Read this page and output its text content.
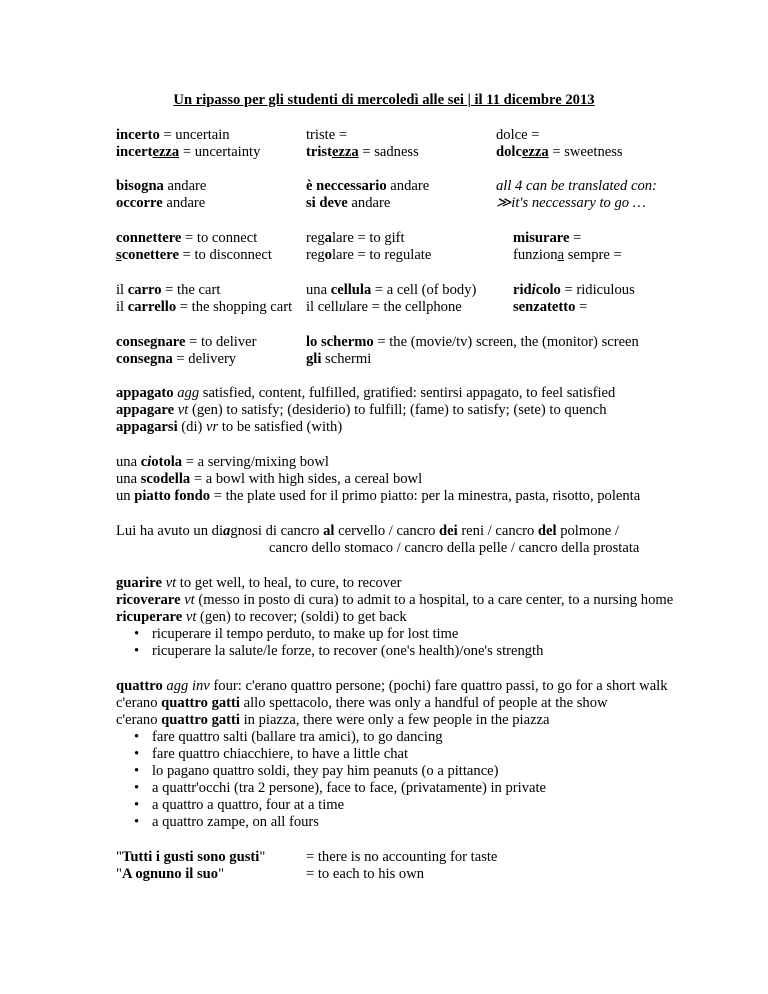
Un ripasso per gli studenti di mercoledì alle sei | il 11 dicembre 2013
incerto = uncertain
incertezza = uncertainty
triste =
tristezza = sadness
dolce =
dolcezza = sweetness
bisogna andare
occorre andare
è neccessario andare
si deve andare
all 4 can be translated con:
≫it's neccessary to go …
connettere = to connect
sconettere = to disconnect
regalare = to gift
regolare = to regulate
misurare =
funziona sempre =
il carro = the cart
il carrello = the shopping cart
una cellula = a cell (of body)
il cellulare = the cellphone
ridicolo = ridiculous
senzatetto =
consegnare = to deliver
consegna = delivery
lo schermo = the (movie/tv) screen, the (monitor) screen
gli schermi
appagato agg satisfied, content, fulfilled, gratified: sentirsi appagato, to feel satisfied
appagare vt (gen) to satisfy; (desiderio) to fulfill; (fame) to satisfy; (sete) to quench
appagarsi (di) vr to be satisfied (with)
una ciotola = a serving/mixing bowl
una scodella = a bowl with high sides, a cereal bowl
un piatto fondo = the plate used for il primo piatto: per la minestra, pasta, risotto, polenta
Lui ha avuto un diagnosi di cancro al cervello / cancro dei reni / cancro del polmone /
cancro dello stomaco / cancro della pelle / cancro della prostata
guarire vt to get well, to heal, to cure, to recover
ricoverare vt (messo in posto di cura) to admit to a hospital, to a care center, to a nursing home
ricuperare vt (gen) to recover; (soldi) to get back
• ricuperare il tempo perduto, to make up for lost time
• ricuperare la salute/le forze, to recover (one's health)/one's strength
quattro agg inv four: c'erano quattro persone; (pochi) fare quattro passi, to go for a short walk
c'erano quattro gatti allo spettacolo, there was only a handful of people at the show
c'erano quattro gatti in piazza, there were only a few people in the piazza
• fare quattro salti (ballare tra amici), to go dancing
• fare quattro chiacchiere, to have a little chat
• lo pagano quattro soldi, they pay him peanuts (o a pittance)
• a quattr'occhi (tra 2 persone), face to face, (privatamente) in private
• a quattro a quattro, four at a time
• a quattro zampe, on all fours
"Tutti i gusti sono gusti"	= there is no accounting for taste
"A ognuno il suo"	= to each to his own
